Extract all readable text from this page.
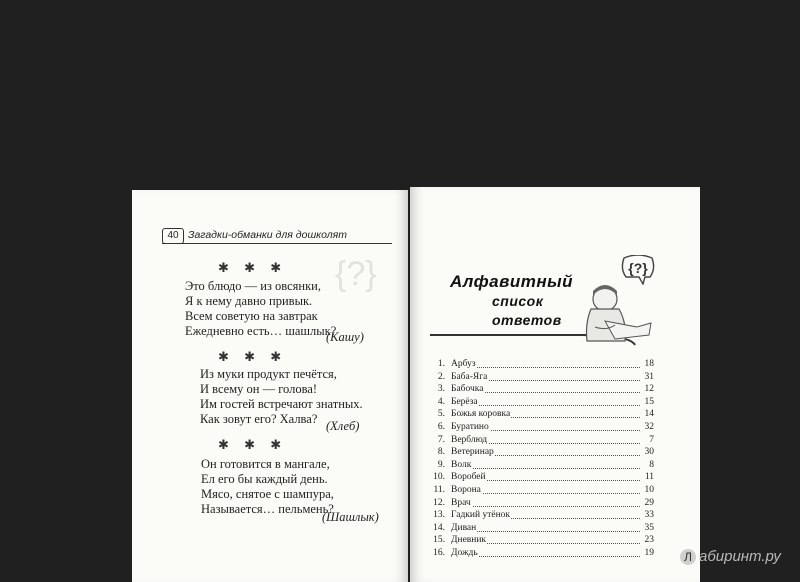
{?}
40 Загадки-обманки для дошколят
✱ ✱ ✱
Это блюдо — из овсянки,
Я к нему давно привык.
Всем советую на завтрак
Ежедневно есть… шашлык?
(Кашу)
✱ ✱ ✱
Из муки продукт печётся,
И всему он — голова!
Им гостей встречают знатных.
Как зовут его? Халва? (Хлеб)
✱ ✱ ✱
Он готовится в мангале,
Ел его бы каждый день.
Мясо, снятое с шампура,
Называется… пельмень?
(Шашлык)
Алфавитный
список
ответов
{?}
1. Арбуз	18
2. Баба-Яга	31
3. Бабочка	12
4. Берёза	15
5. Божья коровка	14
6. Буратино	32
7. Верблюд	7
8. Ветеринар	30
9. Волк	8
10. Воробей	11
11. Ворона	10
12. Врач	29
13. Гадкий утёнок	33
14. Диван	35
15. Дневник	23
16. Дождь	19	Л абиринт.ру
